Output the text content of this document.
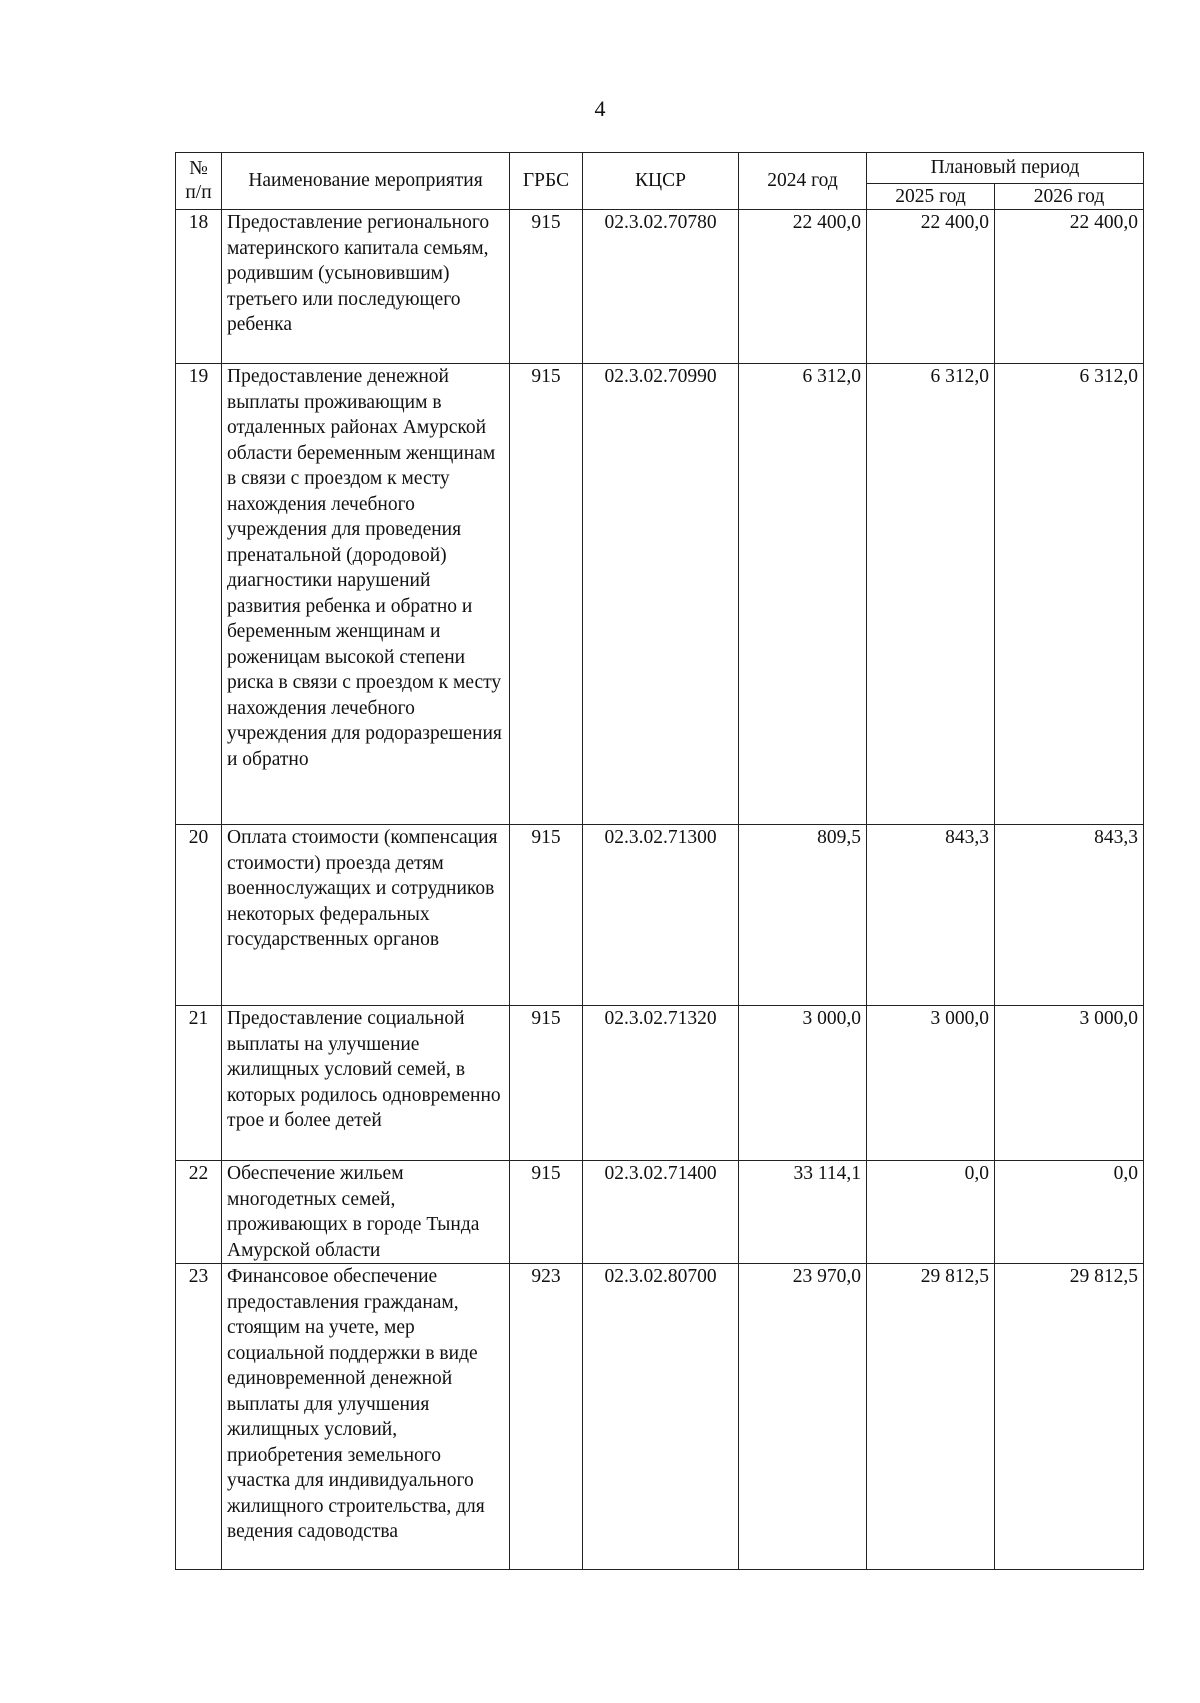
4
№ п/п	Наименование мероприятия	ГРБС	КЦСР	2024 год	Плановый период	
					2025 год	2026 год
18	Предоставление регионального материнского капитала семьям, родившим (усыновившим) третьего или последующего ребенка	915	02.3.02.70780	22 400,0	22 400,0	22 400,0
19	Предоставление денежной выплаты проживающим в отдаленных районах Амурской области беременным женщинам в связи с проездом к месту нахождения лечебного учреждения для проведения пренатальной (дородовой) диагностики нарушений развития ребенка и обратно и беременным женщинам и роженицам высокой степени риска в связи с проездом к месту нахождения лечебного учреждения для родоразрешения и обратно	915	02.3.02.70990	6 312,0	6 312,0	6 312,0
20	Оплата стоимости (компенсация стоимости) проезда детям военнослужащих и сотрудников некоторых федеральных государственных органов	915	02.3.02.71300	809,5	843,3	843,3
21	Предоставление социальной выплаты на улучшение жилищных условий семей, в которых родилось одновременно трое и более детей	915	02.3.02.71320	3 000,0	3 000,0	3 000,0
22	Обеспечение жильем многодетных семей, проживающих в городе Тында Амурской области	915	02.3.02.71400	33 114,1	0,0	0,0
23	Финансовое обеспечение предоставления гражданам, стоящим на учете, мер социальной поддержки в виде единовременной денежной выплаты для улучшения жилищных условий, приобретения земельного участка для индивидуального жилищного строительства, для ведения садоводства	923	02.3.02.80700	23 970,0	29 812,5	29 812,5
